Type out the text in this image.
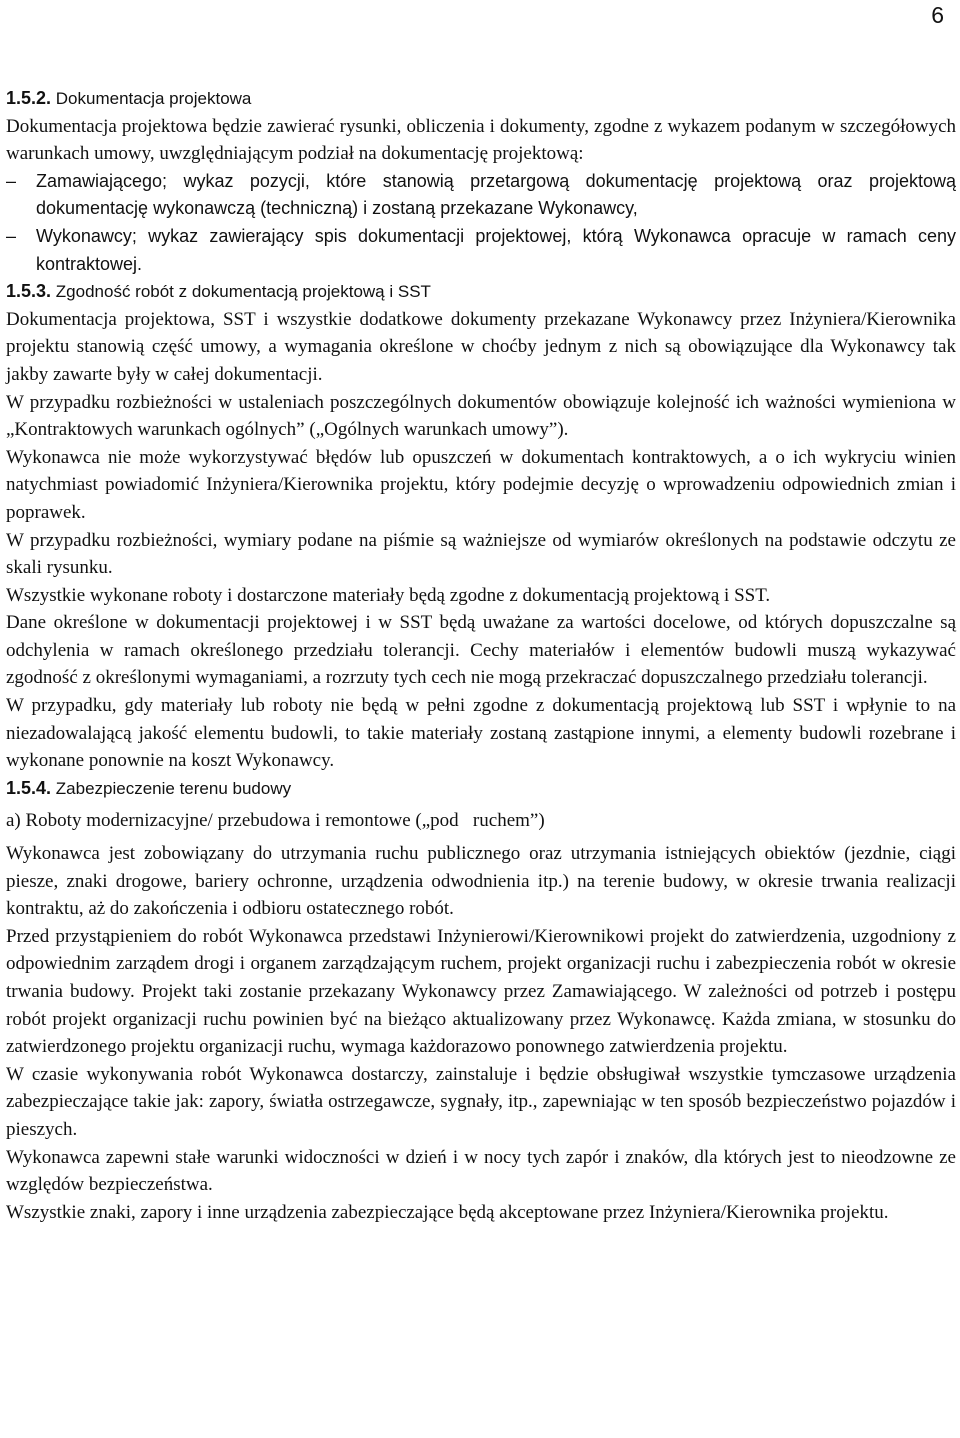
6

1.5.2. Dokumentacja projektowa

Dokumentacja projektowa będzie zawierać rysunki, obliczenia i dokumenty, zgodne z wykazem podanym w szczegółowych warunkach umowy, uwzględniającym podział na dokumentację projektową:

– Zamawiającego; wykaz pozycji, które stanowią przetargową dokumentację projektową oraz projektową dokumentację wykonawczą (techniczną) i zostaną przekazane Wykonawcy,
– Wykonawcy; wykaz zawierający spis dokumentacji projektowej, którą Wykonawca opracuje w ramach ceny kontraktowej.

1.5.3. Zgodność robót z dokumentacją projektową i SST

Dokumentacja projektowa, SST i wszystkie dodatkowe dokumenty przekazane Wykonawcy przez Inżyniera/Kierownika projektu stanowią część umowy, a wymagania określone w choćby jednym z nich są obowiązujące dla Wykonawcy tak jakby zawarte były w całej dokumentacji.

W przypadku rozbieżności w ustaleniach poszczególnych dokumentów obowiązuje kolejność ich ważności wymieniona w „Kontraktowych warunkach ogólnych” („Ogólnych warunkach umowy”).

Wykonawca nie może wykorzystywać błędów lub opuszczeń w dokumentach kontraktowych, a o ich wykryciu winien natychmiast powiadomić Inżyniera/Kierownika projektu, który podejmie decyzję o wprowadzeniu odpowiednich zmian i poprawek.

W przypadku rozbieżności, wymiary podane na piśmie są ważniejsze od wymiarów określonych na podstawie odczytu ze skali rysunku.

Wszystkie wykonane roboty i dostarczone materiały będą zgodne z dokumentacją projektową i SST.

Dane określone w dokumentacji projektowej i w SST będą uważane za wartości docelowe, od których dopuszczalne są odchylenia w ramach określonego przedziału tolerancji. Cechy materiałów i elementów budowli muszą wykazywać zgodność z określonymi wymaganiami, a rozrzuty tych cech nie mogą przekraczać dopuszczalnego przedziału tolerancji.

W przypadku, gdy materiały lub roboty nie będą w pełni zgodne z dokumentacją projektową lub SST i wpłynie to na niezadowalającą jakość elementu budowli, to takie materiały zostaną zastąpione innymi, a elementy budowli rozebrane i wykonane ponownie na koszt Wykonawcy.

1.5.4. Zabezpieczenie terenu budowy

a) Roboty modernizacyjne/ przebudowa i remontowe („pod   ruchem”)

Wykonawca jest zobowiązany do utrzymania ruchu publicznego oraz utrzymania istniejących obiektów (jezdnie, ciągi piesze, znaki drogowe, bariery ochronne, urządzenia odwodnienia itp.) na terenie budowy, w okresie trwania realizacji kontraktu, aż do zakończenia i odbioru ostatecznego robót.

Przed przystąpieniem do robót Wykonawca przedstawi Inżynierowi/Kierownikowi projekt do zatwierdzenia, uzgodniony z odpowiednim zarządem drogi i organem zarządzającym ruchem, projekt organizacji ruchu i zabezpieczenia robót w okresie trwania budowy. Projekt taki zostanie przekazany Wykonawcy przez Zamawiającego. W zależności od potrzeb i postępu robót projekt organizacji ruchu powinien być na bieżąco aktualizowany przez Wykonawcę. Każda zmiana, w stosunku do zatwierdzonego projektu organizacji ruchu, wymaga każdorazowo ponownego zatwierdzenia projektu.

W czasie wykonywania robót Wykonawca dostarczy, zainstaluje i będzie obsługiwał wszystkie tymczasowe urządzenia zabezpieczające takie jak: zapory, światła ostrzegawcze, sygnały, itp., zapewniając w ten sposób bezpieczeństwo pojazdów i pieszych.

Wykonawca zapewni stałe warunki widoczności w dzień i w nocy tych zapór i znaków, dla których jest to nieodzowne ze względów bezpieczeństwa.

Wszystkie znaki, zapory i inne urządzenia zabezpieczające będą akceptowane przez Inżyniera/Kierownika projektu.
